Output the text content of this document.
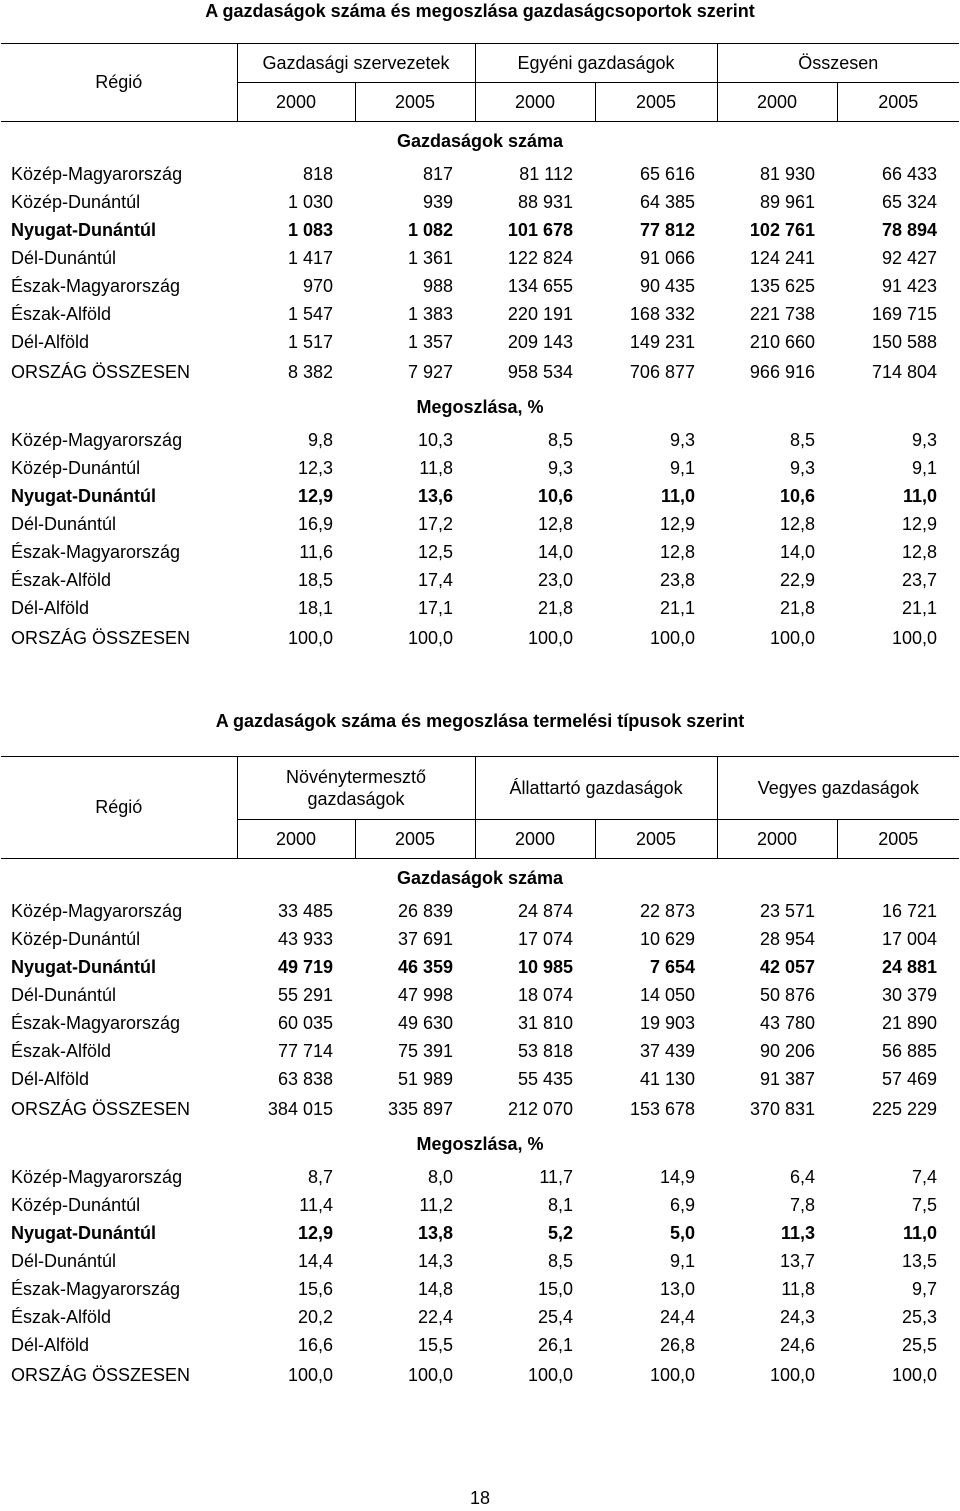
A gazdaságok száma és megoszlása gazdaságcsoportok szerint
Régió	Gazdasági szervezetek		Egyéni gazdaságok		Összesen	
	2000	2005	2000	2005	2000	2005
Gazdaságok száma						
Közép-Magyarország	818	817	81 112	65 616	81 930	66 433
Közép-Dunántúl	1 030	939	88 931	64 385	89 961	65 324
Nyugat-Dunántúl	1 083	1 082	101 678	77 812	102 761	78 894
Dél-Dunántúl	1 417	1 361	122 824	91 066	124 241	92 427
Észak-Magyarország	970	988	134 655	90 435	135 625	91 423
Észak-Alföld	1 547	1 383	220 191	168 332	221 738	169 715
Dél-Alföld	1 517	1 357	209 143	149 231	210 660	150 588
ORSZÁG ÖSSZESEN	8 382	7 927	958 534	706 877	966 916	714 804
Megoszlása, %						
Közép-Magyarország	9,8	10,3	8,5	9,3	8,5	9,3
Közép-Dunántúl	12,3	11,8	9,3	9,1	9,3	9,1
Nyugat-Dunántúl	12,9	13,6	10,6	11,0	10,6	11,0
Dél-Dunántúl	16,9	17,2	12,8	12,9	12,8	12,9
Észak-Magyarország	11,6	12,5	14,0	12,8	14,0	12,8
Észak-Alföld	18,5	17,4	23,0	23,8	22,9	23,7
Dél-Alföld	18,1	17,1	21,8	21,1	21,8	21,1
ORSZÁG ÖSSZESEN	100,0	100,0	100,0	100,0	100,0	100,0
A gazdaságok száma és megoszlása termelési típusok szerint
Régió	Növénytermesztő gazdaságok		Állattartó gazdaságok		Vegyes gazdaságok	
	2000	2005	2000	2005	2000	2005
Gazdaságok száma						
Közép-Magyarország	33 485	26 839	24 874	22 873	23 571	16 721
Közép-Dunántúl	43 933	37 691	17 074	10 629	28 954	17 004
Nyugat-Dunántúl	49 719	46 359	10 985	7 654	42 057	24 881
Dél-Dunántúl	55 291	47 998	18 074	14 050	50 876	30 379
Észak-Magyarország	60 035	49 630	31 810	19 903	43 780	21 890
Észak-Alföld	77 714	75 391	53 818	37 439	90 206	56 885
Dél-Alföld	63 838	51 989	55 435	41 130	91 387	57 469
ORSZÁG ÖSSZESEN	384 015	335 897	212 070	153 678	370 831	225 229
Megoszlása, %						
Közép-Magyarország	8,7	8,0	11,7	14,9	6,4	7,4
Közép-Dunántúl	11,4	11,2	8,1	6,9	7,8	7,5
Nyugat-Dunántúl	12,9	13,8	5,2	5,0	11,3	11,0
Dél-Dunántúl	14,4	14,3	8,5	9,1	13,7	13,5
Észak-Magyarország	15,6	14,8	15,0	13,0	11,8	9,7
Észak-Alföld	20,2	22,4	25,4	24,4	24,3	25,3
Dél-Alföld	16,6	15,5	26,1	26,8	24,6	25,5
ORSZÁG ÖSSZESEN	100,0	100,0	100,0	100,0	100,0	100,0
18
